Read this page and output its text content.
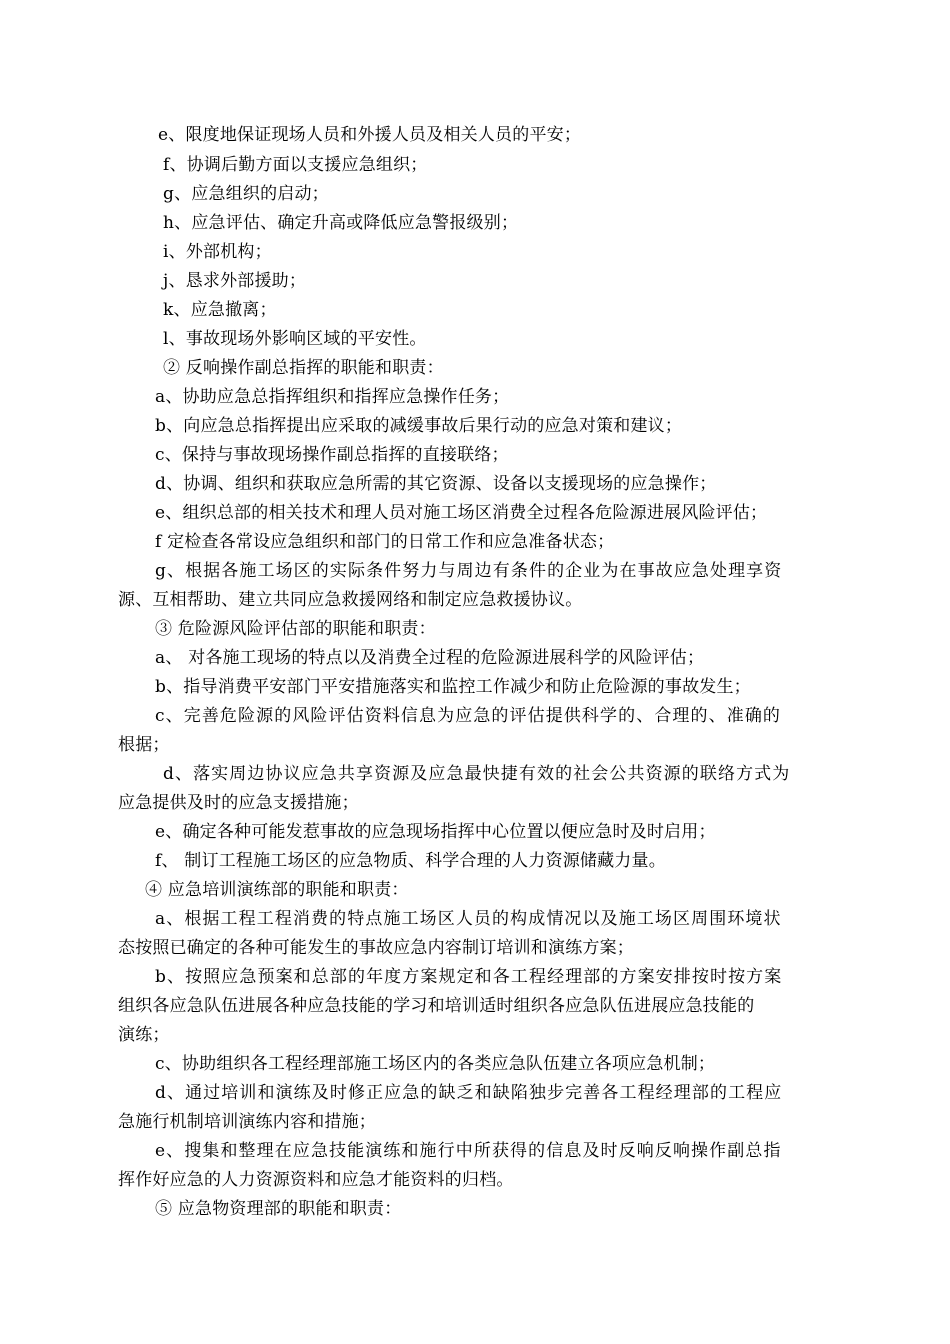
e、限度地保证现场人员和外援人员及相关人员的平安；
f、协调后勤方面以支援应急组织；
g、应急组织的启动；
h、应急评估、确定升高或降低应急警报级别；
i、外部机构；
j、恳求外部援助；
k、应急撤离；
l、事故现场外影响区域的平安性。
② 反响操作副总指挥的职能和职责：
a、协助应急总指挥组织和指挥应急操作任务；
b、向应急总指挥提出应采取的减缓事故后果行动的应急对策和建议；
c、保持与事故现场操作副总指挥的直接联络；
d、协调、组织和获取应急所需的其它资源、设备以支援现场的应急操作；
e、组织总部的相关技术和理人员对施工场区消费全过程各危险源进展风险评估；
f 定检查各常设应急组织和部门的日常工作和应急准备状态；
g、根据各施工场区的实际条件努力与周边有条件的企业为在事故应急处理享资
源、互相帮助、建立共同应急救援网络和制定应急救援协议。
③ 危险源风险评估部的职能和职责：
a、 对各施工现场的特点以及消费全过程的危险源进展科学的风险评估；
b、指导消费平安部门平安措施落实和监控工作减少和防止危险源的事故发生；
c、完善危险源的风险评估资料信息为应急的评估提供科学的、合理的、准确的
根据；
d、落实周边协议应急共享资源及应急最快捷有效的社会公共资源的联络方式为
应急提供及时的应急支援措施；
e、确定各种可能发惹事故的应急现场指挥中心位置以便应急时及时启用；
f、 制订工程施工场区的应急物质、科学合理的人力资源储藏力量。
④ 应急培训演练部的职能和职责：
a、根据工程工程消费的特点施工场区人员的构成情况以及施工场区周围环境状
态按照已确定的各种可能发生的事故应急内容制订培训和演练方案；
b、按照应急预案和总部的年度方案规定和各工程经理部的方案安排按时按方案
组织各应急队伍进展各种应急技能的学习和培训适时组织各应急队伍进展应急技能的
演练；
c、协助组织各工程经理部施工场区内的各类应急队伍建立各项应急机制；
d、通过培训和演练及时修正应急的缺乏和缺陷独步完善各工程经理部的工程应
急施行机制培训演练内容和措施；
e、搜集和整理在应急技能演练和施行中所获得的信息及时反响反响操作副总指
挥作好应急的人力资源资料和应急才能资料的归档。
⑤ 应急物资理部的职能和职责：
